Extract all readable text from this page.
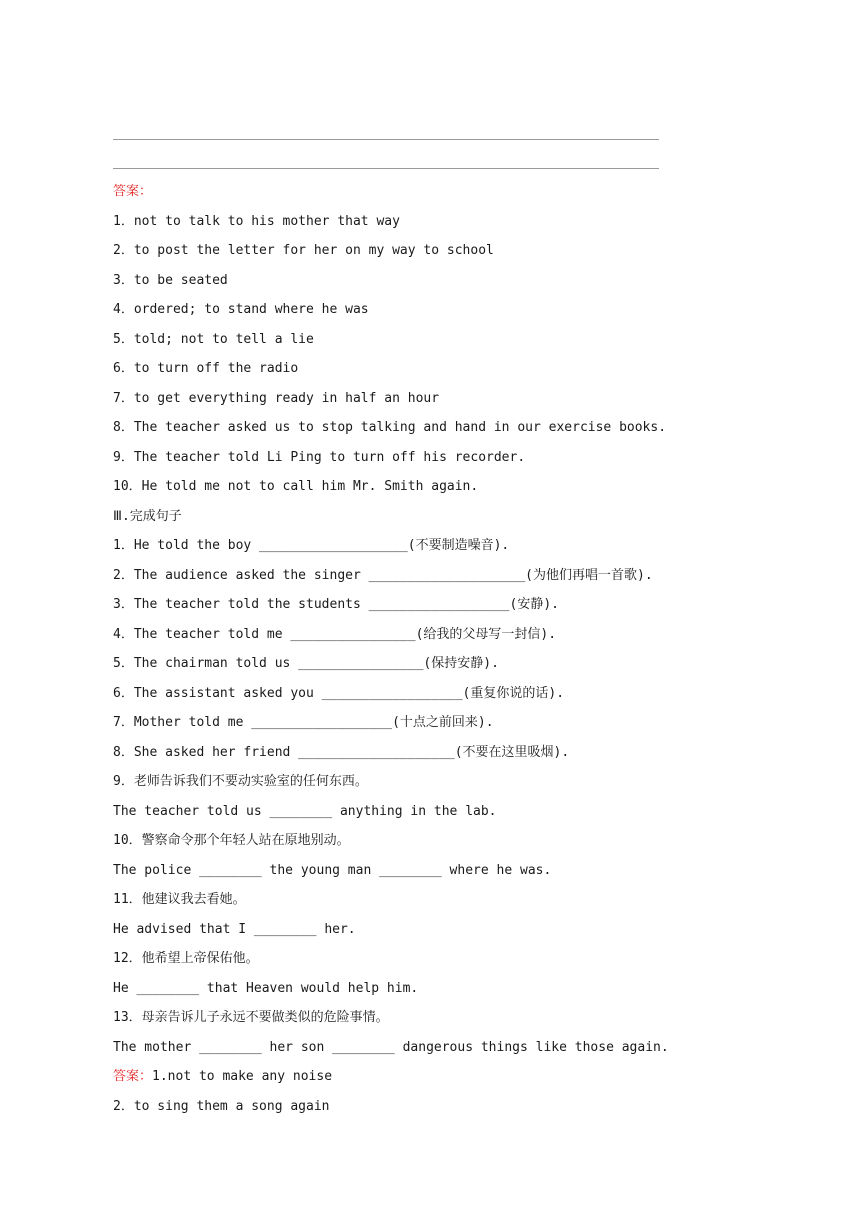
答案：
1．not to talk to his mother that way
2．to post the letter for her on my way to school
3．to be seated
4．ordered; to stand where he was
5．told; not to tell a lie
6．to turn off the radio
7．to get everything ready in half an hour
8．The teacher asked us to stop talking and hand in our exercise books.
9．The teacher told Li Ping to turn off his recorder.
10．He told me not to call him Mr. Smith again.
Ⅲ.完成句子
1．He told the boy ___________________(不要制造噪音).
2．The audience asked the singer ____________________(为他们再唱一首歌).
3．The teacher told the students __________________(安静).
4．The teacher told me ________________(给我的父母写一封信).
5．The chairman told us ________________(保持安静).
6．The assistant asked you __________________(重复你说的话).
7．Mother told me __________________(十点之前回来).
8．She asked her friend ____________________(不要在这里吸烟).
9．老师告诉我们不要动实验室的任何东西。
The teacher told us ________ anything in the lab.
The police ________ the young man ________ where he was.
10．警察命令那个年轻人站在原地别动。
11．他建议我去看她。
He advised that I ________ her.
12．他希望上帝保佑他。
He ________ that Heaven would help him.
13．母亲告诉儿子永远不要做类似的危险事情。
The mother ________ her son ________ dangerous things like those again.
答案：1.not to make any noise
2．to sing them a song again
